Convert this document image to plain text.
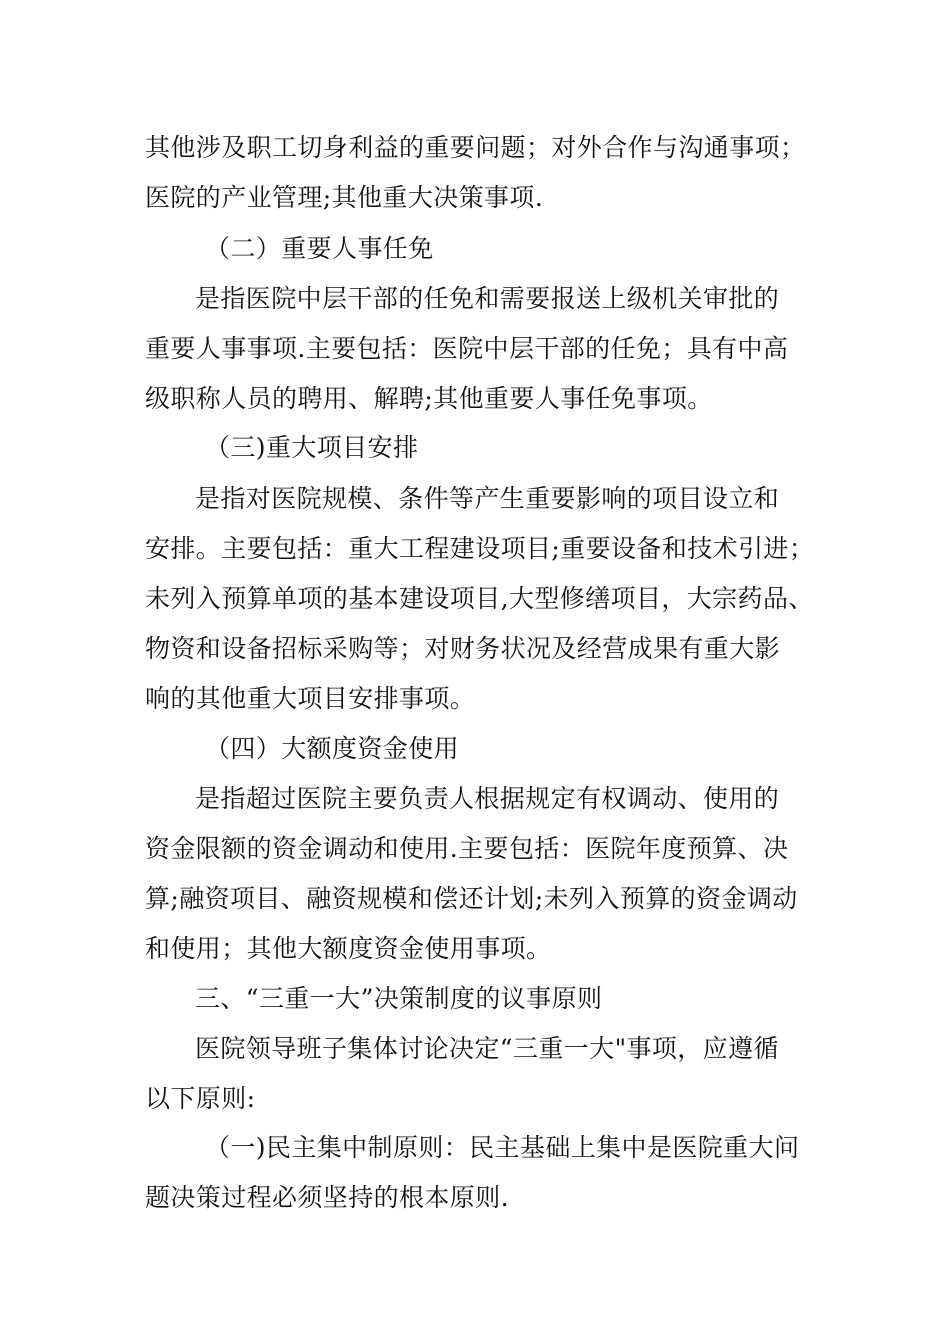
其他涉及职工切身利益的重要问题；对外合作与沟通事项；
医院的产业管理;其他重大决策事项.
（二）重要人事任免
是指医院中层干部的任免和需要报送上级机关审批的
重要人事事项.主要包括：医院中层干部的任免；具有中高
级职称人员的聘用、解聘;其他重要人事任免事项。
（三)重大项目安排
是指对医院规模、条件等产生重要影响的项目设立和
安排。主要包括：重大工程建设项目;重要设备和技术引进；
未列入预算单项的基本建设项目,大型修缮项目，大宗药品、
物资和设备招标采购等；对财务状况及经营成果有重大影
响的其他重大项目安排事项。
（四）大额度资金使用
是指超过医院主要负责人根据规定有权调动、使用的
资金限额的资金调动和使用.主要包括：医院年度预算、决
算;融资项目、融资规模和偿还计划;未列入预算的资金调动
和使用；其他大额度资金使用事项。
三、“三重一大”决策制度的议事原则
医院领导班子集体讨论决定“三重一大"事项，应遵循
以下原则:
（一)民主集中制原则：民主基础上集中是医院重大问
题决策过程必须坚持的根本原则.
